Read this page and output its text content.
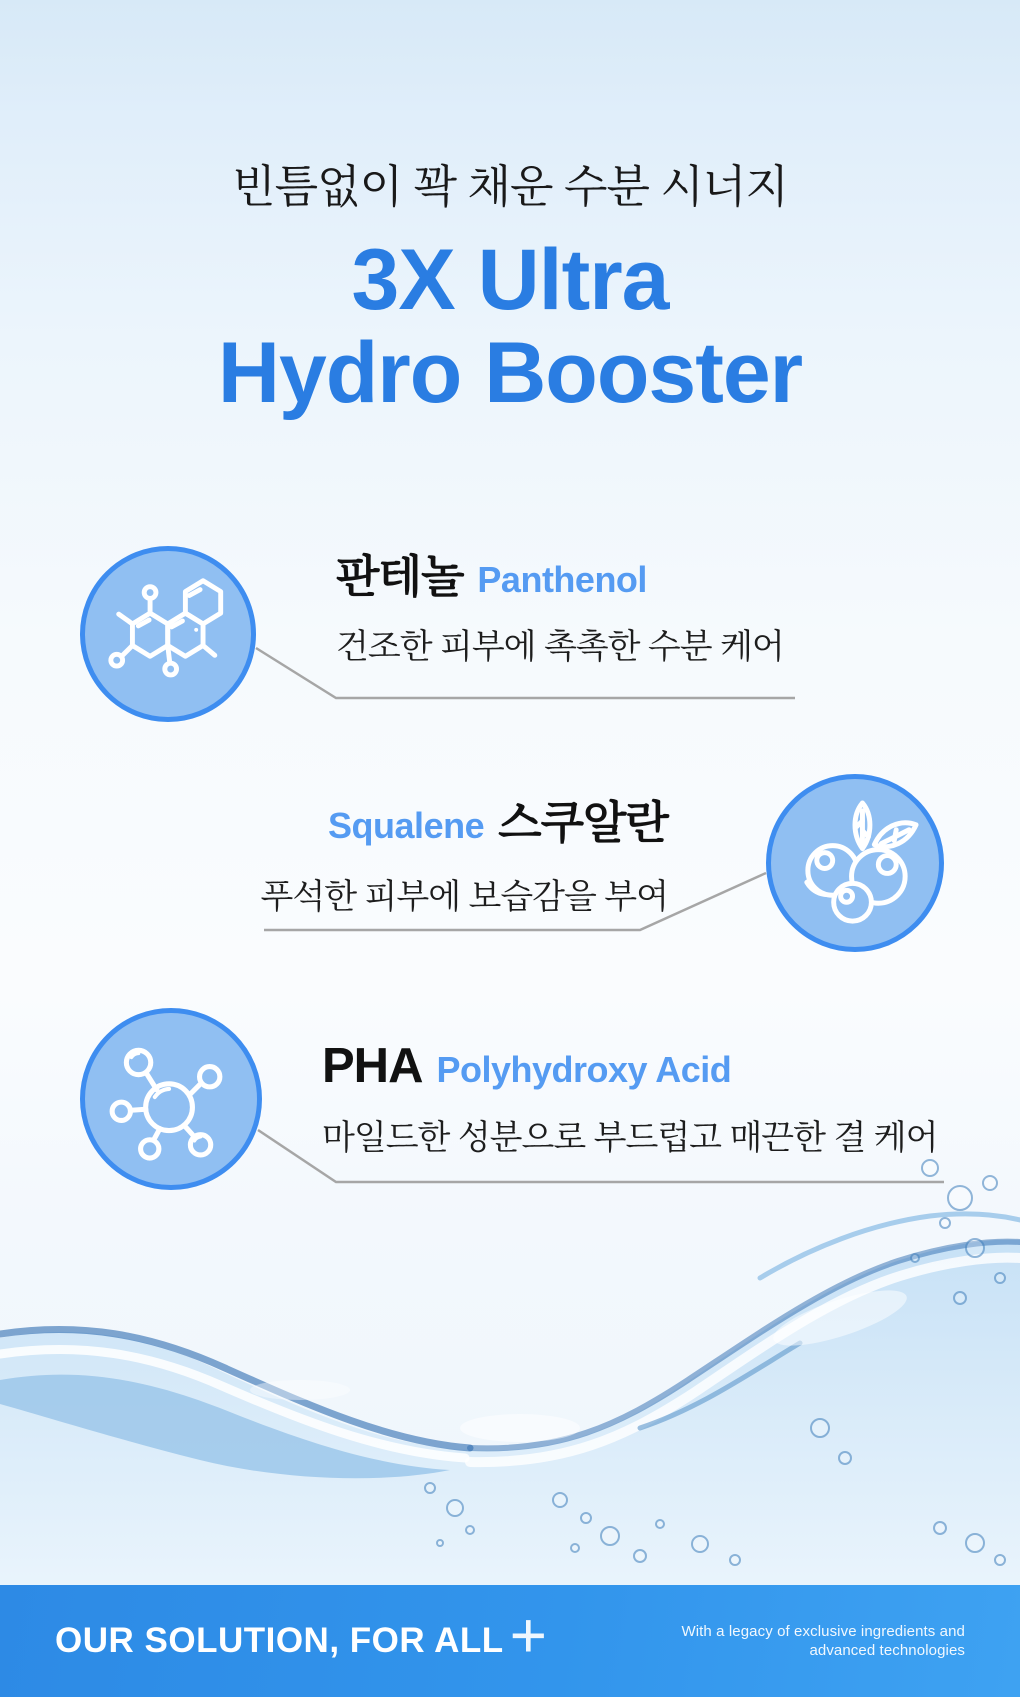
빈틈없이 꽉 채운 수분 시너지
3X Ultra
Hydro Booster
판테놀 Panthenol
건조한 피부에 촉촉한 수분 케어
Squalene 스쿠알란
푸석한 피부에 보습감을 부여
PHA Polyhydroxy Acid
마일드한 성분으로 부드럽고 매끈한 결 케어
OUR SOLUTION, FOR ALL +	With a legacy of exclusive ingredients and
advanced technologies
